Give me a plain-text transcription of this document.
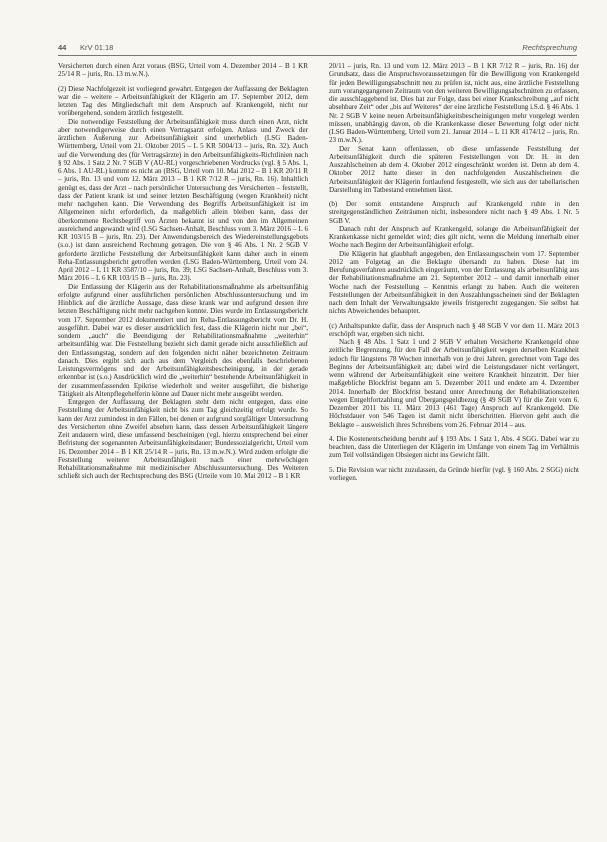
44 KrV 01.18	Rechtsprechung

Versicherten durch einen Arzt voraus (BSG, Urteil vom 4. Dezember 2014 – B 1 KR 25/14 R – juris, Rn. 13 m.w.N.).

(2) Diese Nachfolgezeit ist vorliegend gewahrt. Entgegen der Auffassung der Beklagten war die – weitere – Arbeitsunfähigkeit der Klägerin am 17. September 2012, dem letzten Tag des Mitgliedschaft mit dem Anspruch auf Krankengeld, nicht nur vorübergehend, sondern ärztlich festgestellt.

Die notwendige Feststellung der Arbeitsunfähigkeit muss durch einen Arzt, nicht aber notwendigerweise durch einen Vertragsarzt erfolgen. Anlass und Zweck der ärztlichen Äußerung zur Arbeitsunfähigkeit sind unerheblich (LSG Baden-Württemberg, Urteil vom 21. Oktober 2015 – L 5 KR 5004/13 – juris, Rn. 32). Auch auf die Verwendung des (für Vertragsärzte) in den Arbeitsunfähigkeits-Richtlinien nach § 92 Abs. 1 Satz 2 Nr. 7 SGB V (AU-RL) vorgeschriebenen Vordrucks (vgl. § 5 Abs. 1, 6 Abs. 1 AU-RL) kommt es nicht an (BSG, Urteil vom 10. Mai 2012 – B 1 KR 20/11 R – juris, Rn. 13 und vom 12. März 2013 – B 1 KR 7/12 R – juris, Rn. 16). Inhaltlich genügt es, dass der Arzt – nach persönlicher Untersuchung des Versicherten – feststellt, dass der Patient krank ist und seiner letzten Beschäftigung (wegen Krankheit) nicht mehr nachgehen kann. Die Verwendung des Begriffs Arbeitsunfähigkeit ist im Allgemeinen nicht erforderlich, da maßgeblich allein bleiben kann, dass der überkommene Rechtsbegriff von Ärzten bekannt ist und von den im Allgemeinen ausreichend angewandt wird (LSG Sachsen-Anhalt, Beschluss vom 3. März 2016 – L 6 KR 103/15 B – juris, Rn. 23). Der Anwendungsbereich des Wiedereinstellungsgebots (s.o.) ist dann ausreichend Rechnung getragen. Die von § 46 Abs. 1 Nr. 2 SGB V geforderte ärztliche Feststellung der Arbeitsunfähigkeit kann daher auch in einem Reha-Entlassungsbericht getroffen werden (LSG Baden-Württemberg, Urteil vom 24. April 2012 – L 11 KR 3587/10 – juris, Rn. 39; LSG Sachsen-Anhalt, Beschluss vom 3. März 2016 – L 6 KR 103/15 B – juris, Rn. 23).

Die Entlassung der Klägerin aus der Rehabilitationsmaßnahme als arbeitsunfähig erfolgte aufgrund einer ausführlichen persönlichen Abschlussuntersuchung und im Hinblick auf die ärztliche Aussage, dass diese krank war und aufgrund dessen ihre letzten Beschäftigung nicht mehr nachgehen konnte. Dies wurde im Entlassungsbericht vom 17. September 2012 dokumentiert und im Reha-Entlassungsbericht vom Dr. H. ausgeführt. Dabei war es dieser ausdrücklich fest, dass die Klägerin nicht nur „bei“, sondern „auch“ die Beendigung der Rehabilitationsmaßnahme „weiterhin“ arbeitsunfähig war. Die Feststellung bezieht sich damit gerade nicht ausschließlich auf den Entlassungstag, sondern auf den folgenden nicht näher bezeichneten Zeitraum danach. Dies ergibt sich auch aus dem Vergleich des ebenfalls beschriebenen Leistungsvermögens und der Arbeitsunfähigkeitsbescheinigung, in der gerade erkennbar ist (s.o.) Ausdrücklich wird die „weiterhin“ bestehende Arbeitsunfähigkeit in der zusammenfassenden Epikrise wiederholt und weiter ausgeführt, die bisherige Tätigkeit als Altenpflegehelferin könne auf Dauer nicht mehr ausgeübt werden.

Entgegen der Auffassung der Beklagten steht dem nicht entgegen, dass eine Feststellung der Arbeitsunfähigkeit nicht bis zum Tag gleichzeitig erfolgt wurde. So kann der Arzt zumindest in den Fällen, bei denen er aufgrund sorgfältiger Untersuchung des Versicherten ohne Zweifel absehen kann, dass dessen Arbeitsunfähigkeit längere Zeit andauern wird, diese umfassend bescheinigen (vgl. hierzu entsprechend bei einer Befristung der sogenannten Arbeitsunfähigkeitsdauer; Bundessozialgericht, Urteil vom 16. Dezember 2014 – B 1 KR 25/14 R – juris, Rn. 13 m.w.N.). Wird zudem erfolgte die Feststellung weiterer Arbeitsunfähigkeit nach einer mehrwöchigen Rehabilitationsmaßnahme mit medizinischer Abschlussuntersuchung. Des Weiteren schließt sich auch der Rechtsprechung des BSG (Urteile vom 10. Mai 2012 – B 1 KR

20/11 – juris, Rn. 13 und vom 12. März 2013 – B 1 KR 7/12 R – juris, Rn. 16) der Grundsatz, dass die Anspruchsvoraussetzungen für die Bewilligung von Krankengeld für jeden Bewilligungsabschnitt neu zu prüfen ist, nicht aus, eine ärztliche Feststellung zum vorangegangenen Zeitraum von den weiteren Bewilligungsabschnitten zu erfassen, die ausschlaggebend ist. Dies hat zur Folge, dass bei einer Krankschreibung „auf nicht absehbare Zeit“ oder „bis auf Weiteres“ der eine ärztliche Feststellung i.S.d. § 46 Abs. 1 Nr. 2 SGB V keine neuen Arbeitsunfähigkeitsbescheinigungen mehr vorgelegt werden müssen, unabhängig davon, ob die Krankenkasse dieser Bewertung folgt oder nicht (LSG Baden-Württemberg, Urteil vom 21. Januar 2014 – L 11 KR 4174/12 – juris, Rn. 23 m.w.N.).

Der Senat kann offenlassen, ob diese umfassende Feststellung der Arbeitsunfähigkeit durch die späteren Feststellungen von Dr. H. in den Auszahlscheinen ab dem 4. Oktober 2012 eingeschränkt worden ist. Denn ab dem 4. Oktober 2012 hatte dieser in den nachfolgenden Auszahlscheinen die Arbeitsunfähigkeit der Klägerin fortlaufend festgestellt, wie sich aus der tabellarischen Darstellung im Tatbestand entnehmen lässt.

(b) Der somit entstandene Anspruch auf Krankengeld ruhte in den streitgegenständlichen Zeiträumen nicht, insbesondere nicht nach § 49 Abs. 1 Nr. 5 SGB V.

Danach ruht der Anspruch auf Krankengeld, solange die Arbeitsunfähigkeit der Krankenkasse nicht gemeldet wird; dies gilt nicht, wenn die Meldung innerhalb einer Woche nach Beginn der Arbeitsunfähigkeit erfolgt.

Die Klägerin hat glaubhaft angegeben, den Entlassungsschein vom 17. September 2012 am Folgetag an die Beklagte übersandt zu haben. Diese hat im Berufungsverfahren ausdrücklich eingeräumt, von der Entlassung als arbeitsunfähig aus der Rehabilitationsmaßnahme am 21. September 2012 – und damit innerhalb einer Woche nach der Feststellung – Kenntnis erlangt zu haben. Auch die weiteren Feststellungen der Arbeitsunfähigkeit in den Auszahlungsscheinen sind der Beklagten nach dem Inhalt der Verwaltungsakte jeweils fristgerecht zugegangen. Sie selbst hat nichts Abweichendes behauptet.

(c) Anhaltspunkte dafür, dass der Anspruch nach § 48 SGB V vor dem 11. März 2013 erschöpft war, ergeben sich nicht.

Nach § 48 Abs. 1 Satz 1 und 2 SGB V erhalten Versicherte Krankengeld ohne zeitliche Begrenzung, für den Fall der Arbeitsunfähigkeit wegen derselben Krankheit jedoch für längstens 78 Wochen innerhalb von je drei Jahren, gerechnet vom Tage des Beginns der Arbeitsunfähigkeit an; dabei wird die Leistungsdauer nicht verlängert, wenn während der Arbeitsunfähigkeit eine weitere Krankheit hinzutritt. Der hier maßgebliche Blockfrist begann am 5. Dezember 2011 und endete am 4. Dezember 2014. Innerhalb der Blockfrist bestand unter Anrechnung der Rehabilitationszeiten wegen Entgeltfortzahlung und Übergangsgeldbezug (§ 49 SGB V) für die Zeit vom 6. Dezember 2011 bis 11. März 2013 (461 Tage) Anspruch auf Krankengeld. Die Höchstdauer von 546 Tagen ist damit nicht überschritten. Hiervon geht auch die Beklagte – ausweislich ihres Schreibens vom 26. Februar 2014 – aus.

4. Die Kostenentscheidung beruht auf § 193 Abs. 1 Satz 1, Abs. 4 SGG. Dabei war zu beachten, dass die Unterliegen der Klägerin im Umfange von einem Tag im Verhältnis zum Teil vollständigen Obsiegen nicht ins Gewicht fällt.

5. Die Revision war nicht zuzulassen, da Gründe hierfür (vgl. § 160 Abs. 2 SGG) nicht vorliegen.
